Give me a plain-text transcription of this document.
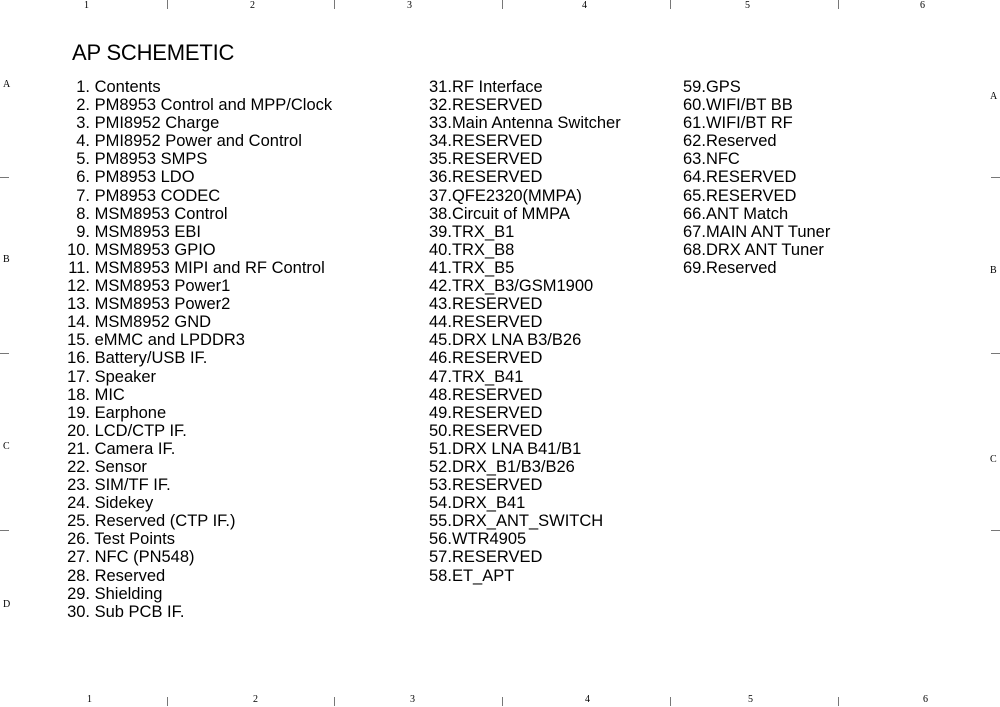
1	2	3	4	5	6
1	2	3	4	5	6
A
B
C
D
A
B
C
AP SCHEMETIC
1. Contents
2. PM8953 Control and MPP/Clock
3. PMI8952 Charge
4. PMI8952 Power and Control
5. PM8953 SMPS
6. PM8953 LDO
7. PM8953 CODEC
8. MSM8953 Control
9. MSM8953 EBI
10. MSM8953 GPIO
11. MSM8953 MIPI and RF Control
12. MSM8953 Power1
13. MSM8953 Power2
14. MSM8952 GND
15. eMMC and LPDDR3
16. Battery/USB IF.
17. Speaker
18. MIC
19. Earphone
20. LCD/CTP IF.
21. Camera IF.
22. Sensor
23. SIM/TF IF.
24. Sidekey
25. Reserved (CTP IF.)
26. Test Points
27. NFC (PN548)
28. Reserved
29. Shielding
30. Sub PCB IF.
31.RF Interface
32.RESERVED
33.Main Antenna Switcher
34.RESERVED
35.RESERVED
36.RESERVED
37.QFE2320(MMPA)
38.Circuit of MMPA
39.TRX_B1
40.TRX_B8
41.TRX_B5
42.TRX_B3/GSM1900
43.RESERVED
44.RESERVED
45.DRX LNA B3/B26
46.RESERVED
47.TRX_B41
48.RESERVED
49.RESERVED
50.RESERVED
51.DRX LNA B41/B1
52.DRX_B1/B3/B26
53.RESERVED
54.DRX_B41
55.DRX_ANT_SWITCH
56.WTR4905
57.RESERVED
58.ET_APT
59.GPS
60.WIFI/BT BB
61.WIFI/BT RF
62.Reserved
63.NFC
64.RESERVED
65.RESERVED
66.ANT Match
67.MAIN ANT Tuner
68.DRX ANT Tuner
69.Reserved
